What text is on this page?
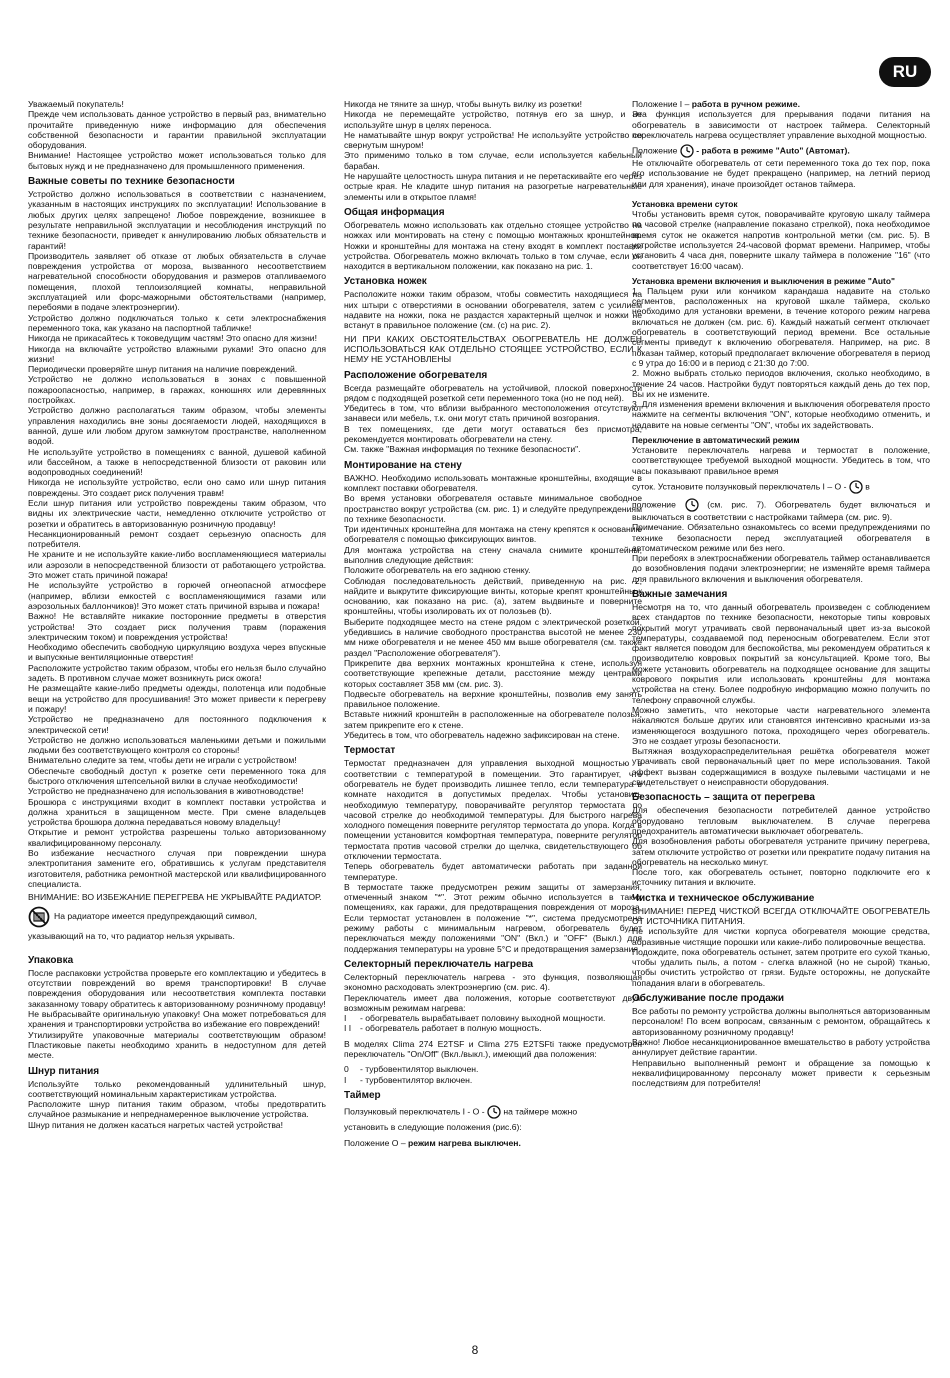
RU

Уважаемый покупатель!

Прежде чем использовать данное устройство в первый раз, внимательно прочитайте приведенную ниже информацию для обеспечения собственной безопасности и гарантии правильной эксплуатации оборудования.

Внимание! Настоящее устройство может использоваться только для бытовых нужд и не предназначено для промышленного применения.

Важные советы по технике безопасности

Устройство должно использоваться в соответствии с назначением, указанным в настоящих инструкциях по эксплуатации! Использование в любых других целях запрещено! Любое повреждение, возникшее в результате неправильной эксплуатации и несоблюдения инструкций по технике безопасности, приведет к аннулированию любых обязательств и гарантий!

Производитель заявляет об отказе от любых обязательств в случае повреждения устройства от мороза, вызванного несоответствием нагревательной способности оборудования и размеров отапливаемого помещения, плохой теплоизоляцией комнаты, неправильной эксплуатацией или форс-мажорными обстоятельствами (например, перебоями в подаче электроэнергии).

Устройство должно подключаться только к сети электроснабжения переменного тока, как указано на паспортной табличке!

Никогда не прикасайтесь к токоведущим частям! Это опасно для жизни!

Никогда на включайте устройство влажными руками! Это опасно для жизни!

Периодически проверяйте шнур питания на наличие повреждений.

Устройство не должно использоваться в зонах с повышенной пожароопасностью, например, в гаражах, конюшнях или деревянных постройках.

Устройство должно располагаться таким образом, чтобы элементы управления находились вне зоны досягаемости людей, находящихся в ванной, душе или любом другом замкнутом пространстве, наполненном водой.

Не используйте устройство в помещениях с ванной, душевой кабиной или бассейном, а также в непосредственной близости от раковин или водопроводных соединений!

Никогда не используйте устройство, если оно само или шнур питания повреждены. Это создает риск получения травм!

Если шнур питания или устройство повреждены таким образом, что видны их электрические части, немедленно отключите устройство от розетки и обратитесь в авторизованную розничную продавцу!

Несанкционированный ремонт создает серьезную опасность для потребителя.

Не храните и не используйте какие-либо воспламеняющиеся материалы или аэрозоли в непосредственной близости от работающего устройства. Это может стать причиной пожара!

Не используйте устройство в горючей огнеопасной атмосфере (например, вблизи емкостей с воспламеняющимися газами или аэрозольных баллончиков)! Это может стать причиной взрыва и пожара!

Важно! Не вставляйте никакие посторонние предметы в отверстия устройства! Это создает риск получения травм (поражения электрическим током) и повреждения устройства!

Необходимо обеспечить свободную циркуляцию воздуха через впускные и выпускные вентиляционные отверстия!

Расположите устройство таким образом, чтобы его нельзя было случайно задеть. В противном случае может возникнуть риск ожога!

Не размещайте какие-либо предметы одежды, полотенца или подобные вещи на устройство для просушивания! Это может привести к перегреву и пожару!

Устройство не предназначено для постоянного подключения к электрической сети!

Устройство не должно использоваться маленькими детьми и пожилыми людьми без соответствующего контроля со стороны!

Внимательно следите за тем, чтобы дети не играли с устройством!

Обеспечьте свободный доступ к розетке сети переменного тока для быстрого отключения штепсельной вилки в случае необходимости!

Устройство не предназначено для использования в животноводстве!

Брошюра с инструкциями входит в комплект поставки устройства и должна храниться в защищенном месте. При смене владельцев устройства брошюра должна передаваться новому владельцу!

Открытие и ремонт устройства разрешены только авторизованному квалифицированному персоналу.

Во избежание несчастного случая при повреждении шнура электропитания замените его, обратившись к услугам представителя изготовителя, работника ремонтной мастерской или квалифицированного специалиста.

ВНИМАНИЕ: ВО ИЗБЕЖАНИЕ ПЕРЕГРЕВА НЕ УКРЫВАЙТЕ РАДИАТОР.

На радиаторе имеется предупреждающий символ,

указывающий на то, что радиатор нельзя укрывать.

Упаковка

После распаковки устройства проверьте его комплектацию и убедитесь в отсутствии повреждений во время транспортировки! В случае повреждения оборудования или несоответствия комплекта поставки заказанному товару обратитесь к авторизованному розничному продавцу!

Не выбрасывайте оригинальную упаковку! Она может потребоваться для хранения и транспортировки устройства во избежание его повреждений!

Утилизируйте упаковочные материалы соответствующим образом! Пластиковые пакеты необходимо хранить в недоступном для детей месте.

Шнур питания

Используйте только рекомендованный удлинительный шнур, соответствующий номинальным характеристикам устройства.

Расположите шнур питания таким образом, чтобы предотвратить случайное размыкание и непреднамеренное выключение устройства.

Шнур питания не должен касаться нагретых частей устройства!

Никогда не тяните за шнур, чтобы вынуть вилку из розетки!

Никогда не перемещайте устройство, потянув его за шнур, и не используйте шнур в целях переноса.

Не наматывайте шнур вокруг устройства! Не используйте устройство со свернутым шнуром!

Это применимо только в том случае, если используется кабельный барабан.

Не нарушайте целостность шнура питания и не перетаскивайте его через острые края. Не кладите шнур питания на разогретые нагревательные элементы или в открытое пламя!

Общая информация

Обогреватель можно использовать как отдельно стоящее устройство на ножках или монтировать на стену с помощью монтажных кронштейнов. Ножки и кронштейны для монтажа на стену входят в комплект поставки устройства. Обогреватель можно включать только в том случае, если он находится в вертикальном положении, как показано на рис. 1.

Установка ножек

Расположите ножки таким образом, чтобы совместить находящиеся на них штыри с отверстиями в основании обогревателя, затем с усилием надавите на ножки, пока не раздастся характерный щелчок и ножки не встанут в правильное положение (см. (c) на рис. 2).

НИ ПРИ КАКИХ ОБСТОЯТЕЛЬСТВАХ ОБОГРЕВАТЕЛЬ НЕ ДОЛЖЕН ИСПОЛЬЗОВАТЬСЯ КАК ОТДЕЛЬНО СТОЯЩЕЕ УСТРОЙСТВО, ЕСЛИ К НЕМУ НЕ УСТАНОВЛЕНЫ

Расположение обогревателя

Всегда размещайте обогреватель на устойчивой, плоской поверхности рядом с подходящей розеткой сети переменного тока (но не под ней).

Убедитесь в том, что вблизи выбранного местоположения отсутствуют занавеси или мебель, т.к. они могут стать причиной возгорания.

В тех помещениях, где дети могут оставаться без присмотра, рекомендуется монтировать обогреватели на стену.

См. также "Важная информация по технике безопасности".

Монтирование на стену

ВАЖНО. Необходимо использовать монтажные кронштейны, входящие в комплект поставки обогревателя.

Во время установки обогревателя оставьте минимальное свободное пространство вокруг устройства (см. рис. 1) и следуйте предупреждениям по технике безопасности.

Три идентичных кронштейна для монтажа на стену крепятся к основанию обогревателя с помощью фиксирующих винтов.

Для монтажа устройства на стену сначала снимите кронштейны, выполнив следующие действия:

Положите обогреватель на его заднюю стенку.

Соблюдая последовательность действий, приведенную на рис. 2, найдите и выкрутите фиксирующие винты, которые крепят кронштейны к основанию, как показано на рис. (a), затем выдвиньте и поверните кронштейны, чтобы изолировать их от полозьев (b).

Выберите подходящее место на стене рядом с электрической розеткой, убедившись в наличие свободного пространства высотой не менее 230 мм ниже обогревателя и не менее 450 мм выше обогревателя (см. также раздел "Расположение обогревателя").

Прикрепите два верхних монтажных кронштейна к стене, используя соответствующие крепежные детали, расстояние между центрами которых составляет 358 мм (см. рис. 3).

Подвесьте обогреватель на верхние кронштейны, позволив ему занять правильное положение.

Вставьте нижний кронштейн в расположенные на обогревателе полозья, затем прикрепите его к стене.

Убедитесь в том, что обогреватель надежно зафиксирован на стене.

Термостат

Термостат предназначен для управления выходной мощностью в соответствии с температурой в помещении. Это гарантирует, что обогреватель не будет производить лишнее тепло, если температура в комнате находится в допустимых пределах. Чтобы установить необходимую температуру, поворачивайте регулятор термостата по часовой стрелке до необходимой температуры. Для быстрого нагрева холодного помещения поверните регулятор термостата до упора. Когда в помещении установится комфортная температура, поверните регулятор термостата против часовой стрелки до щелчка, свидетельствующего об отключении термостата.

Теперь обогреватель будет автоматически работать при заданной температуре.

В термостате также предусмотрен режим защиты от замерзания, отмеченный знаком "*". Этот режим обычно используется в таких помещениях, как гаражи, для предотвращения повреждения от мороза. Если термостат установлен в положение "*", система предусмотрена режиму работы с минимальным нагревом, обогреватель будет переключаться между положениями "ON" (Вкл.) и "OFF" (Выкл.) для поддержания температуры на уровне 5°C и предотвращения замерзания.

Селекторный переключатель нагрева

Селекторный переключатель нагрева - это функция, позволяющая экономно расходовать электроэнергию (см. рис. 4).

Переключатель имеет два положения, которые соответствуют двум возможным режимам нагрева:

I	- обогреватель вырабатывает половину выходной мощности.
I I	- обогреватель работает в полную мощность.

В моделях Clima 274 E2TSF и Clima 275 E2TSFti также предусмотрен переключатель "On/Off" (Вкл./выкл.), имеющий два положения:

0	- турбовентилятор выключен.
I	- турбовентилятор включен.
Таймер

Ползунковый переключатель I - O - на таймере можно

установить в следующие положения (рис.6):

Положение O – режим нагрева выключен.

Положение I – работа в ручном режиме.

Эта функция используется для прерывания подачи питания на обогреватель в зависимости от настроек таймера. Селекторный переключатель нагрева осуществляет управление выходной мощностью.

Положение - работа в режиме "Auto" (Автомат).

Не отключайте обогреватель от сети переменного тока до тех пор, пока его использование не будет прекращено (например, на летний период или для хранения), иначе произойдет останов таймера.

Установка времени суток

Чтобы установить время суток, поворачивайте круговую шкалу таймера по часовой стрелке (направление показано стрелкой), пока необходимое время суток не окажется напротив контрольной метки (см. рис. 5). В устройстве используется 24-часовой формат времени. Например, чтобы установить 4 часа дня, поверните шкалу таймера в положение "16" (что соответствует 16:00 часам).

Установка времени включения и выключения в режиме "Auto"

1. Пальцем руки или кончиком карандаша надавите на столько сегментов, расположенных на круговой шкале таймера, сколько необходимо для установки времени, в течение которого режим нагрева включаться не должен (см. рис. 6). Каждый нажатый сегмент отключает обогреватель в соответствующий период времени. Все остальные сегменты приведут к включению обогревателя. Например, на рис. 8 показан таймер, который предполагает включение обогревателя в период с 9 утра до 16:00 и в период с 21:30 до 7:00.

2. Можно выбрать столько периодов включения, сколько необходимо, в течение 24 часов. Настройки будут повторяться каждый день до тех пор, Вы их не измените.

3. Для изменения времени включения и выключения обогревателя просто нажмите на сегменты включения "ON", которые необходимо отменить, и надавите на новые сегменты "ON", чтобы их задействовать.

Переключение в автоматический режим

Установите переключатель нагрева и термостат в положение, соответствующее требуемой выходной мощности. Убедитесь в том, что часы показывают правильное время

суток. Установите ползунковый переключатель I – O - в

положение	(см. рис. 7). Обогреватель будет включаться и выключаться в соответствии с настройками таймера (см. рис. 9).

Примечание. Обязательно ознакомьтесь со всеми предупреждениями по технике безопасности перед эксплуатацией обогревателя в автоматическом режиме или без него.

При перебоях в электроснабжении обогреватель таймер останавливается до возобновления подачи электроэнергии; не изменяйте время таймера для правильного включения и выключения обогревателя.

Важные замечания

Несмотря на то, что данный обогреватель произведен с соблюдением всех стандартов по технике безопасности, некоторые типы ковровых покрытий могут утрачивать свой первоначальный цвет из-за высокой температуры, создаваемой под переносным обогревателем. Если этот факт является поводом для беспокойства, мы рекомендуем обратиться к производителю ковровых покрытий за консультацией. Кроме того, Вы можете установить обогреватель на подходящее основание для защиты коврового покрытия или использовать кронштейны для монтажа устройства на стену. Более подробную информацию можно получить по телефону справочной службы.

Можно заметить, что некоторые части нагревательного элемента накаляются больше других или становятся интенсивно красными из-за изменяющегося воздушного потока, проходящего через обогреватель. Это не создает угрозы безопасности.

Вытяжная воздухораспределительная решётка обогревателя может утрачивать свой первоначальный цвет по мере использования. Такой эффект вызван содержащимися в воздухе пылевыми частицами и не свидетельствует о неисправности оборудования.

Безопасность – защита от перегрева

Для обеспечения безопасности потребителей данное устройство оборудовано тепловым выключателем. В случае перегрева предохранитель автоматически выключает обогреватель.

Для возобновления работы обогревателя устраните причину перегрева, затем отключите устройство от розетки или прекратите подачу питания на обогреватель на несколько минут.

После того, как обогреватель остынет, повторно подключите его к источнику питания и включите.

Чистка и техническое обслуживание

ВНИМАНИЕ! ПЕРЕД ЧИСТКОЙ ВСЕГДА ОТКЛЮЧАЙТЕ ОБОГРЕВАТЕЛЬ ОТ ИСТОЧНИКА ПИТАНИЯ.

Не используйте для чистки корпуса обогревателя моющие средства, абразивные чистящие порошки или какие-либо полировочные вещества.

Подождите, пока обогреватель остынет, затем протрите его сухой тканью, чтобы удалить пыль, а потом - слегка влажной (но не сырой) тканью, чтобы очистить устройство от грязи. Будьте осторожны, не допускайте попадания влаги в обогреватель.

Обслуживание после продажи

Все работы по ремонту устройства должны выполняться авторизованным персоналом! По всем вопросам, связанным с ремонтом, обращайтесь к авторизованному розничному продавцу!

Важно! Любое несанкционированное вмешательство в работу устройства аннулирует действие гарантии.

Неправильно выполненный ремонт и обращение за помощью к неквалифицированному персоналу может привести к серьезным последствиям для потребителя!

8
